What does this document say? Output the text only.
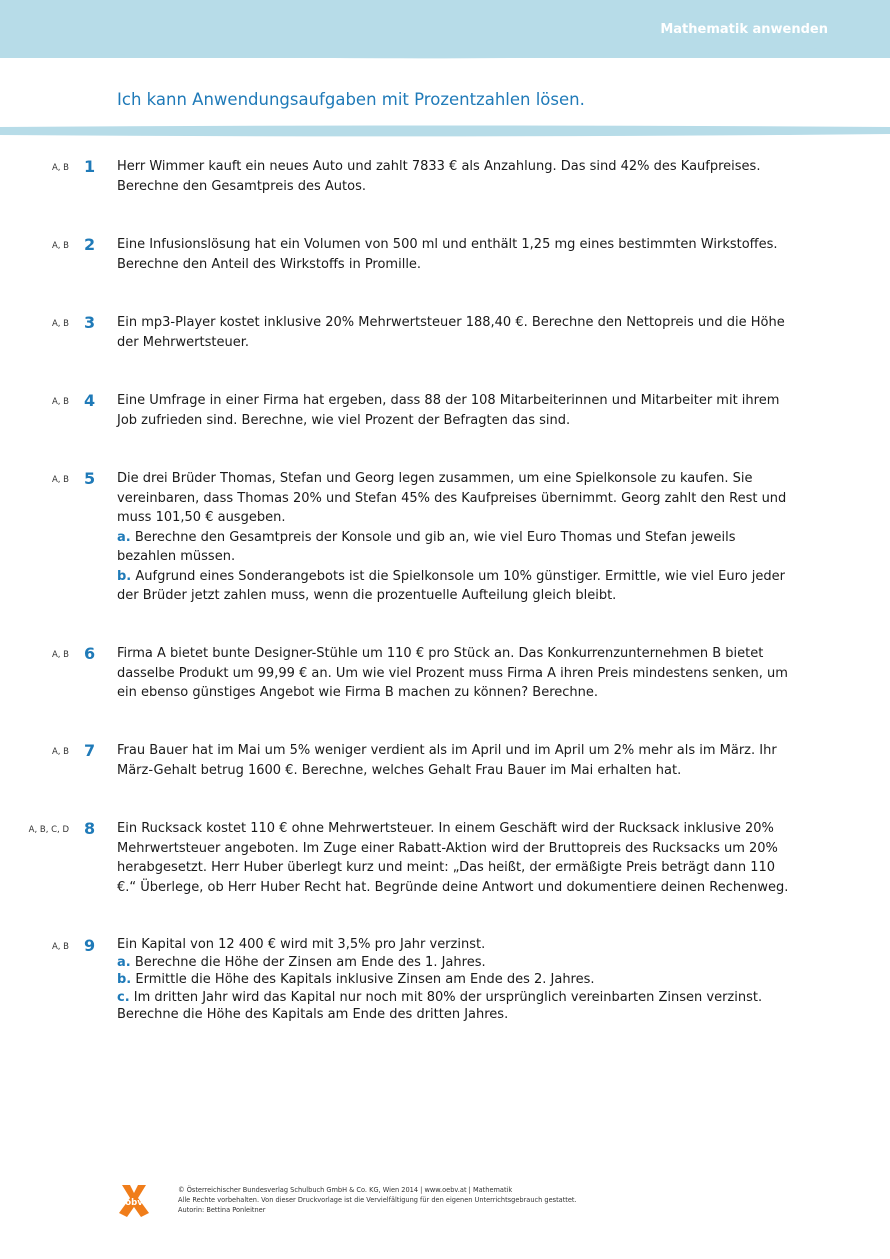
Mathematik anwenden
Ich kann Anwendungsaufgaben mit Prozentzahlen lösen.
A, B 1 Herr Wimmer kauft ein neues Auto und zahlt 7833 € als Anzahlung. Das sind 42% des Kaufpreises. Berechne den Gesamtpreis des Autos.
A, B 2 Eine Infusionslösung hat ein Volumen von 500 ml und enthält 1,25 mg eines bestimmten Wirkstoffes. Berechne den Anteil des Wirkstoffs in Promille.
A, B 3 Ein mp3-Player kostet inklusive 20% Mehrwertsteuer 188,40 €. Berechne den Nettopreis und die Höhe der Mehrwertsteuer.
A, B 4 Eine Umfrage in einer Firma hat ergeben, dass 88 der 108 Mitarbeiterinnen und Mitarbeiter mit ihrem Job zufrieden sind. Berechne, wie viel Prozent der Befragten das sind.
A, B 5 Die drei Brüder Thomas, Stefan und Georg legen zusammen, um eine Spielkonsole zu kaufen. Sie vereinbaren, dass Thomas 20% und Stefan 45% des Kaufpreises übernimmt. Georg zahlt den Rest und muss 101,50 € ausgeben.

a. Berechne den Gesamtpreis der Konsole und gib an, wie viel Euro Thomas und Stefan jeweils bezahlen müssen.

b. Aufgrund eines Sonderangebots ist die Spielkonsole um 10% günstiger. Ermittle, wie viel Euro jeder der Brüder jetzt zahlen muss, wenn die prozentuelle Aufteilung gleich bleibt.

A, B 6 Firma A bietet bunte Designer-Stühle um 110 € pro Stück an. Das Konkurrenzunternehmen B bietet dasselbe Produkt um 99,99 € an. Um wie viel Prozent muss Firma A ihren Preis mindestens senken, um ein ebenso günstiges Angebot wie Firma B machen zu können? Berechne.
A, B 7 Frau Bauer hat im Mai um 5% weniger verdient als im April und im April um 2% mehr als im März. Ihr März-Gehalt betrug 1600 €. Berechne, welches Gehalt Frau Bauer im Mai erhalten hat.
A, B, C, D 8 Ein Rucksack kostet 110 € ohne Mehrwertsteuer. In einem Geschäft wird der Rucksack inklusive 20% Mehrwertsteuer angeboten. Im Zuge einer Rabatt-Aktion wird der Bruttopreis des Rucksacks um 20% herabgesetzt. Herr Huber überlegt kurz und meint: „Das heißt, der ermäßigte Preis beträgt dann 110 €.“ Überlege, ob Herr Huber Recht hat. Begründe deine Antwort und dokumentiere deinen Rechenweg.
A, B 9 Ein Kapital von 12 400 € wird mit 3,5% pro Jahr verzinst.

a. Berechne die Höhe der Zinsen am Ende des 1. Jahres.

b. Ermittle die Höhe des Kapitals inklusive Zinsen am Ende des 2. Jahres.

c. Im dritten Jahr wird das Kapital nur noch mit 80% der ursprünglich vereinbarten Zinsen verzinst. Berechne die Höhe des Kapitals am Ende des dritten Jahres.

öbv
© Österreichischer Bundesverlag Schulbuch GmbH & Co. KG, Wien 2014 | www.oebv.at | Mathematik
Alle Rechte vorbehalten. Von dieser Druckvorlage ist die Vervielfältigung für den eigenen Unterrichtsgebrauch gestattet.
Autorin: Bettina Ponleitner
